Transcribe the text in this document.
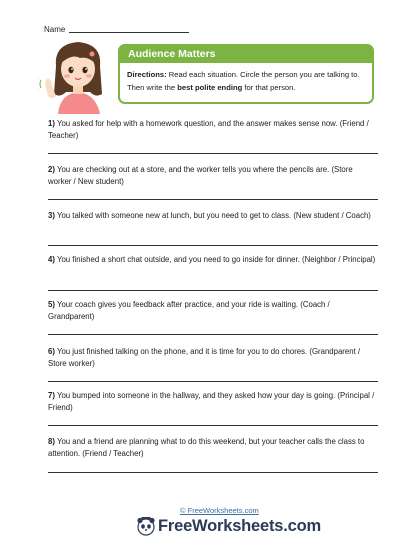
Name
Audience Matters
Directions: Read each situation. Circle the person you are talking to. Then write the best polite ending for that person.
1) You asked for help with a homework question, and the answer makes sense now. (Friend / Teacher)
2) You are checking out at a store, and the worker tells you where the pencils are. (Store worker / New student)
3) You talked with someone new at lunch, but you need to get to class. (New student / Coach)
4) You finished a short chat outside, and you need to go inside for dinner. (Neighbor / Principal)
5) Your coach gives you feedback after practice, and your ride is waiting. (Coach / Grandparent)
6) You just finished talking on the phone, and it is time for you to do chores. (Grandparent / Store worker)
7) You bumped into someone in the hallway, and they asked how your day is going. (Principal / Friend)
8) You and a friend are planning what to do this weekend, but your teacher calls the class to attention. (Friend / Teacher)
© FreeWorksheets.com
FreeWorksheets.com
